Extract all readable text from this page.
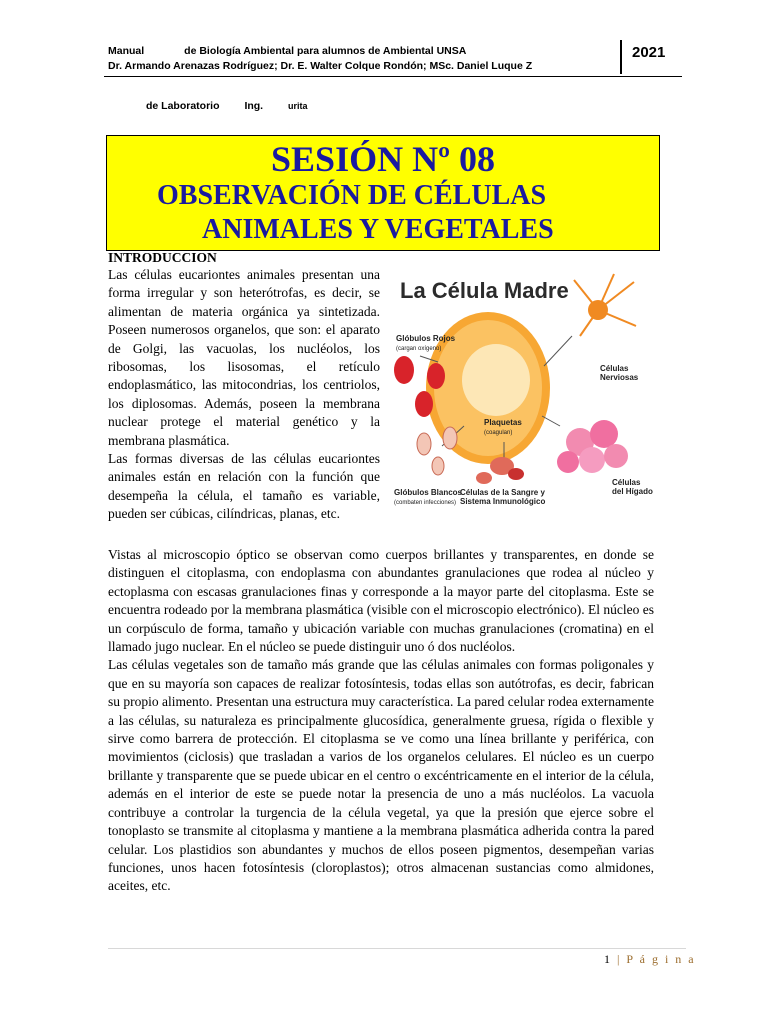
Manual	de Biología Ambiental para alumnos de Ambiental UNSA
Dr. Armando Arenazas Rodríguez; Dr. E. Walter Colque Rondón; MSc. Daniel Luque Z
2021
de Laboratorio Ing.	urita
SESIÓN Nº 08
OBSERVACIÓN DE CÉLULAS
ANIMALES Y VEGETALES
INTRODUCCION

Las células eucariontes animales presentan una forma irregular y son heterótrofas, es decir, se alimentan de materia orgánica ya sintetizada. Poseen numerosos organelos, que son: el aparato de Golgi, las vacuolas, los nucléolos, los ribosomas, los lisosomas, el retículo endoplasmático, las mitocondrias, los centriolos, los diplosomas. Además, poseen la membrana nuclear protege el material genético y la membrana plasmática.

Las formas diversas de las células eucariontes animales están en relación con la función que desempeña la célula, el tamaño es variable, pueden ser cúbicas, cilíndricas, planas, etc.

La Célula Madre
Glóbulos Rojos
(cargan oxígeno)
Células
Nerviosas
Plaquetas
(coagulan)
Glóbulos Blancos
(combaten infecciones)
Células de la Sangre y
Sistema Inmunológico
Células
del Hígado

Vistas al microscopio óptico se observan como cuerpos brillantes y transparentes, en donde se distinguen el citoplasma, con endoplasma con abundantes granulaciones que rodea al núcleo y ectoplasma con escasas granulaciones finas y corresponde a la mayor parte del citoplasma. Este se encuentra rodeado por la membrana plasmática (visible con el microscopio electrónico). El núcleo es un corpúsculo de forma, tamaño y ubicación variable con muchas granulaciones (cromatina) en el llamado jugo nuclear. En el núcleo se puede distinguir uno ó dos nucléolos.

Las células vegetales son de tamaño más grande que las células animales con formas poligonales y que en su mayoría son capaces de realizar fotosíntesis, todas ellas son autótrofas, es decir, fabrican su propio alimento. Presentan una estructura muy característica. La pared celular rodea externamente a las células, su naturaleza es principalmente glucosídica, generalmente gruesa, rígida o flexible y sirve como barrera de protección. El citoplasma se ve como una línea brillante y periférica, con movimientos (ciclosis) que trasladan a varios de los organelos celulares. El núcleo es un cuerpo brillante y transparente que se puede ubicar en el centro o excéntricamente en el interior de la célula, además en el interior de este se puede notar la presencia de uno a más nucléolos. La vacuola contribuye a controlar la turgencia de la célula vegetal, ya que la presión que ejerce sobre el tonoplasto se transmite al citoplasma y mantiene a la membrana plasmática adherida contra la pared celular. Los plastidios son abundantes y muchos de ellos poseen pigmentos, desempeñan varias funciones, unos hacen fotosíntesis (cloroplastos); otros almacenan sustancias como almidones, aceites, etc.

1 | P á g i n a
